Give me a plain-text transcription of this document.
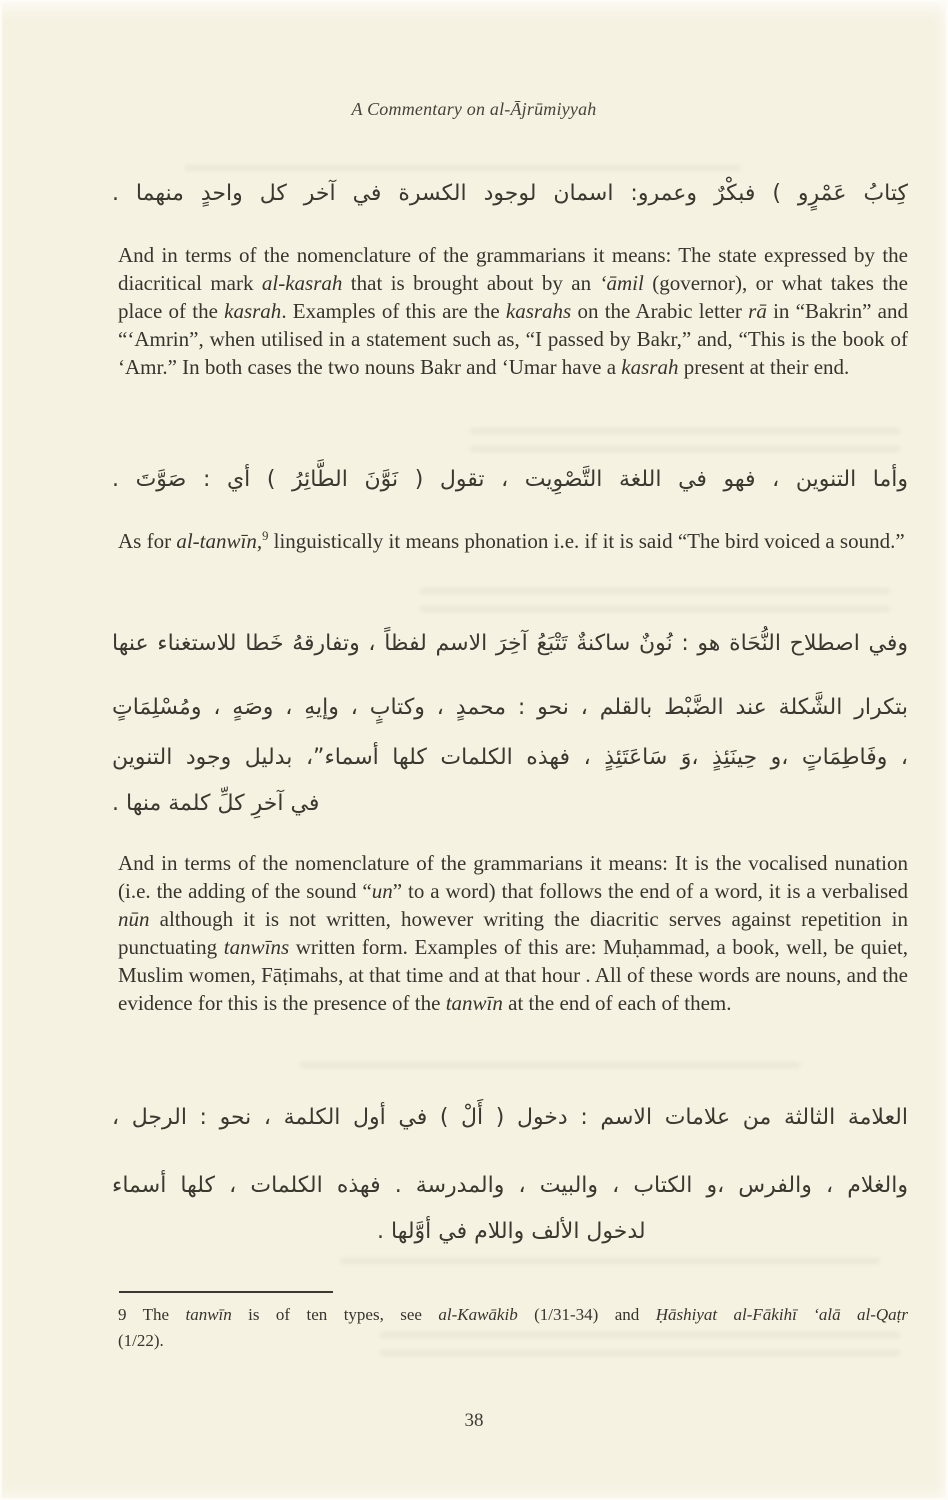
A Commentary on al-Ājrūmiyyah
كِتابُ عَمْرٍو ) فبكْرٌ وعمرو: اسمان لوجود الكسرة في آخر كل واحدٍ منهما .
And in terms of the nomenclature of the grammarians it means: The state expressed by the diacritical mark al-kasrah that is brought about by an ‘āmil (governor), or what takes the place of the kasrah. Examples of this are the kasrahs on the Arabic letter rā in “Bakrin” and “‘Amrin”, when utilised in a statement such as, “I passed by Bakr,” and, “This is the book of ‘Amr.” In both cases the two nouns Bakr and ‘Umar have a kasrah present at their end.
وأما التنوين ، فهو في اللغة التَّصْوِيت ، تقول ( نَوَّنَ الطَّائِرُ ) أي : صَوَّتَ .
As for al-tanwīn,$^9$ linguistically it means phonation i.e. if it is said “The bird voiced a sound.”
وفي اصطلاح النُّحَاة هو : نُونٌ ساكنةٌ تَتْبَعُ آخِرَ الاسم لفظاً ، وتفارقهُ خَطا للاستغناء عنها
بتكرار الشَّكلة عند الضَّبْط بالقلم ، نحو : محمدٍ ، وكتابٍ ، وإيهِ ، وصَهٍ ، ومُسْلِمَاتٍ
، وفَاطِمَاتٍ ،و حِينَئِذٍ ،وَ سَاعَتَئِذٍ ، فهذه الكلمات كلها أسماء”، بدليل وجود التنوين
في آخرِ كلِّ كلمة منها .
And in terms of the nomenclature of the grammarians it means: It is the vocalised nunation (i.e. the adding of the sound “un” to a word) that follows the end of a word, it is a verbalised nūn although it is not written, however writing the diacritic serves against repetition in punctuating tanwīns written form. Examples of this are: Muḥammad, a book, well, be quiet, Muslim women, Fāṭimahs, at that time and at that hour . All of these words are nouns, and the evidence for this is the presence of the tanwīn at the end of each of them.
العلامة الثالثة من علامات الاسم : دخول ( أَلْ ) في أول الكلمة ، نحو : الرجل ،
والغلام ، والفرس ،و الكتاب ، والبيت ، والمدرسة . فهذه الكلمات ، كلها أسماء
لدخول الألف واللام في أوَّلها .
9 The tanwīn is of ten types, see al-Kawākib (1/31-34) and Ḥāshiyat al-Fākihī ‘alā al-Qaṭr
(1/22).
38
